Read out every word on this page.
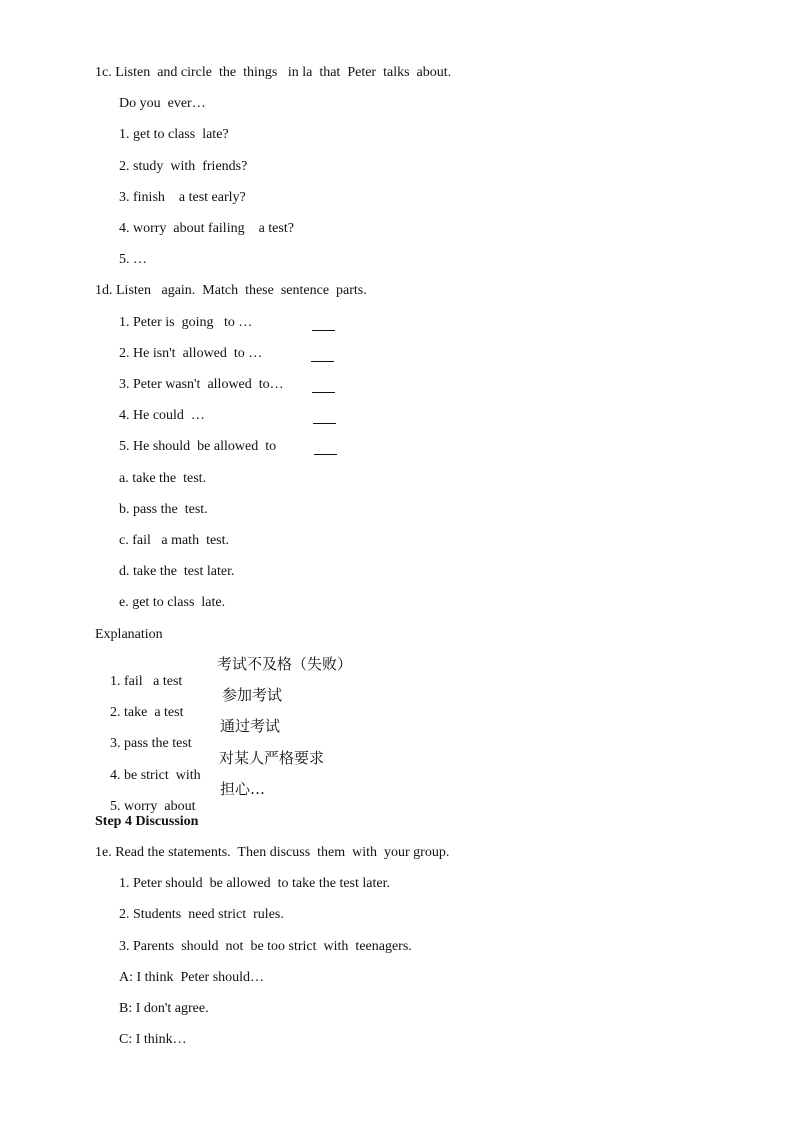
1c. Listen  and circle  the  things   in la  that  Peter  talks  about.
Do you  ever…
1. get to class  late?
2. study  with  friends?
3. finish    a test early?
4. worry  about failing    a test?
5. …
1d. Listen   again.  Match  these  sentence  parts.
1. Peter is  going   to …
2. He isn't  allowed  to …
3. Peter wasn't  allowed  to…
4. He could  …
5. He should  be allowed  to
a. take the  test.
b. pass the  test.
c. fail   a math  test.
d. take the  test later.
e. get to class  late.
Explanation

1. fail   a test

考试不及格（失败）

2. take  a test

参加考试

3. pass the test

通过考试

4. be strict  with

对某人严格要求

5. worry  about

担心…
Step 4 Discussion
1e. Read the statements.  Then discuss  them  with  your group.
1. Peter should  be allowed  to take the test later.
2. Students  need strict  rules.
3. Parents  should  not  be too strict  with  teenagers.
A: I think  Peter should…
B: I don't agree.
C: I think…
